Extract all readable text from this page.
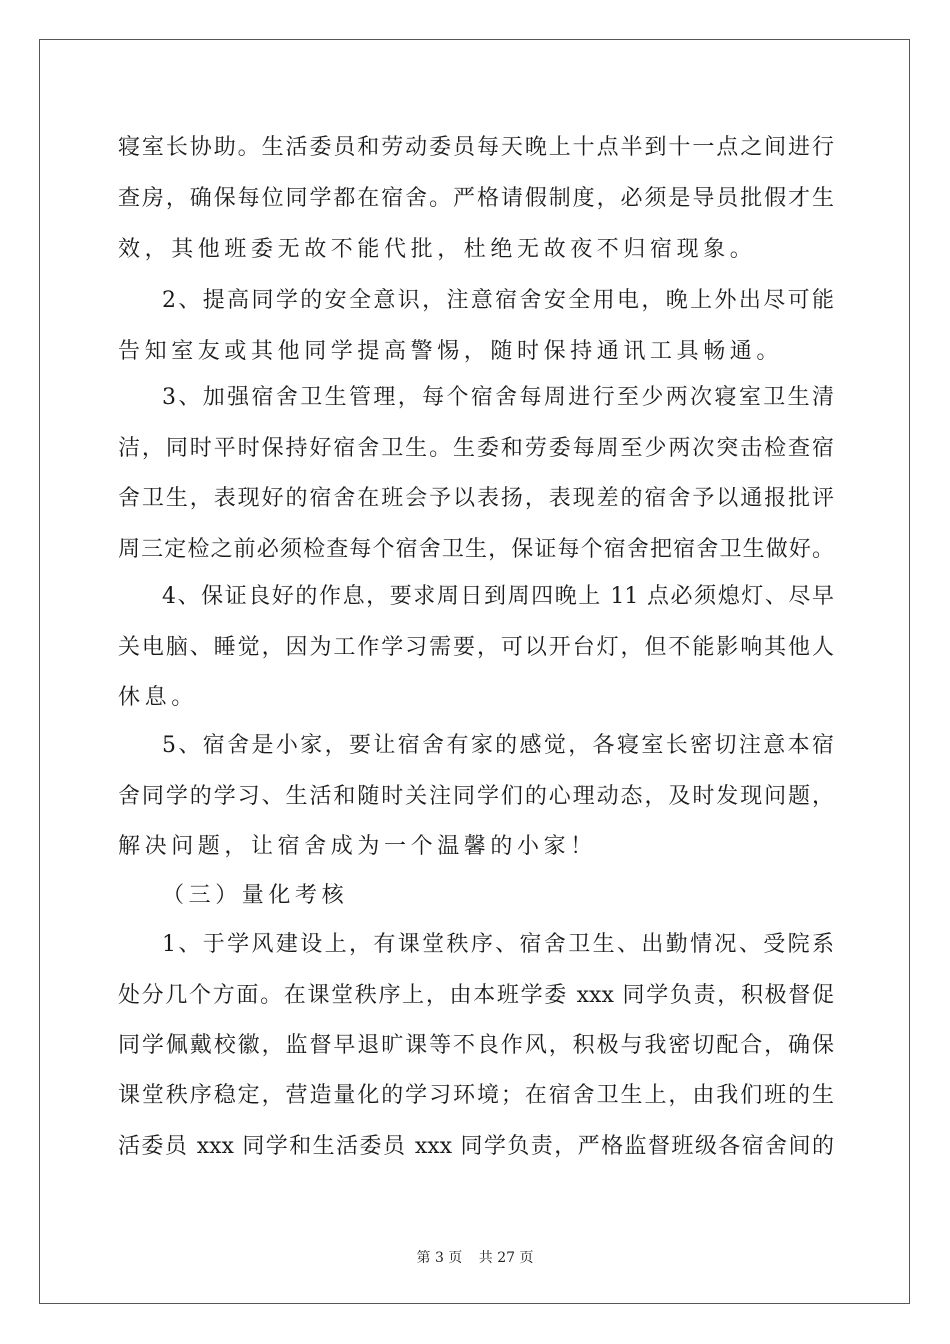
寝室长协助。生活委员和劳动委员每天晚上十点半到十一点之间进行
查房，确保每位同学都在宿舍。严格请假制度，必须是导员批假才生
效，其他班委无故不能代批，杜绝无故夜不归宿现象。
2、提高同学的安全意识，注意宿舍安全用电，晚上外出尽可能
告知室友或其他同学提高警惕，随时保持通讯工具畅通。
3、加强宿舍卫生管理，每个宿舍每周进行至少两次寝室卫生清
洁，同时平时保持好宿舍卫生。生委和劳委每周至少两次突击检查宿
舍卫生，表现好的宿舍在班会予以表扬，表现差的宿舍予以通报批评
周三定检之前必须检查每个宿舍卫生，保证每个宿舍把宿舍卫生做好。
4、保证良好的作息，要求周日到周四晚上 11 点必须熄灯、尽早
关电脑、睡觉，因为工作学习需要，可以开台灯，但不能影响其他人
休息。
5、宿舍是小家，要让宿舍有家的感觉，各寝室长密切注意本宿
舍同学的学习、生活和随时关注同学们的心理动态，及时发现问题，
解决问题，让宿舍成为一个温馨的小家！
（三）量化考核
1、于学风建设上，有课堂秩序、宿舍卫生、出勤情况、受院系
处分几个方面。在课堂秩序上，由本班学委 xxx 同学负责，积极督促
同学佩戴校徽，监督早退旷课等不良作风，积极与我密切配合，确保
课堂秩序稳定，营造量化的学习环境；在宿舍卫生上，由我们班的生
活委员 xxx 同学和生活委员 xxx 同学负责，严格监督班级各宿舍间的
第 3 页 共 27 页
